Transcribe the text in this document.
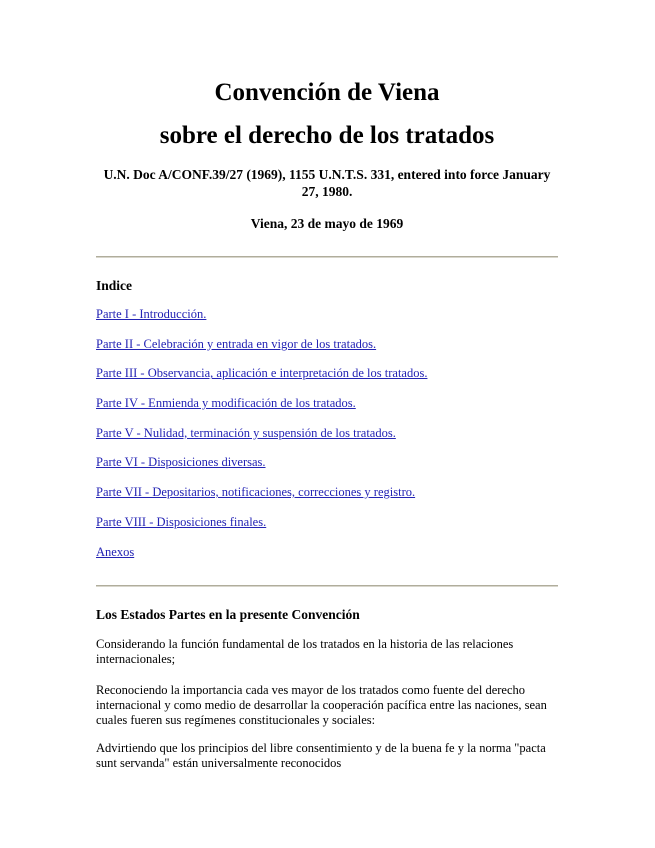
Convención de Viena
sobre el derecho de los tratados

U.N. Doc A/CONF.39/27 (1969), 1155 U.N.T.S. 331, entered into force January 27, 1980.

Viena, 23 de mayo de 1969

Indice
Parte I - Introducción.
Parte II - Celebración y entrada en vigor de los tratados.
Parte III - Observancia, aplicación e interpretación de los tratados.
Parte IV - Enmienda y modificación de los tratados.
Parte V - Nulidad, terminación y suspensión de los tratados.
Parte VI - Disposiciones diversas.
Parte VII - Depositarios, notificaciones, correcciones y registro.
Parte VIII - Disposiciones finales.
Anexos
Los Estados Partes en la presente Convención

Considerando la función fundamental de los tratados en la historia de las relaciones internacionales;

Reconociendo la importancia cada ves mayor de los tratados como fuente del derecho internacional y como medio de desarrollar la cooperación pacífica entre las naciones, sean cuales fueren sus regímenes constitucionales y sociales:

Advirtiendo que los principios del libre consentimiento y de la buena fe y la norma "pacta sunt servanda" están universalmente reconocidos
